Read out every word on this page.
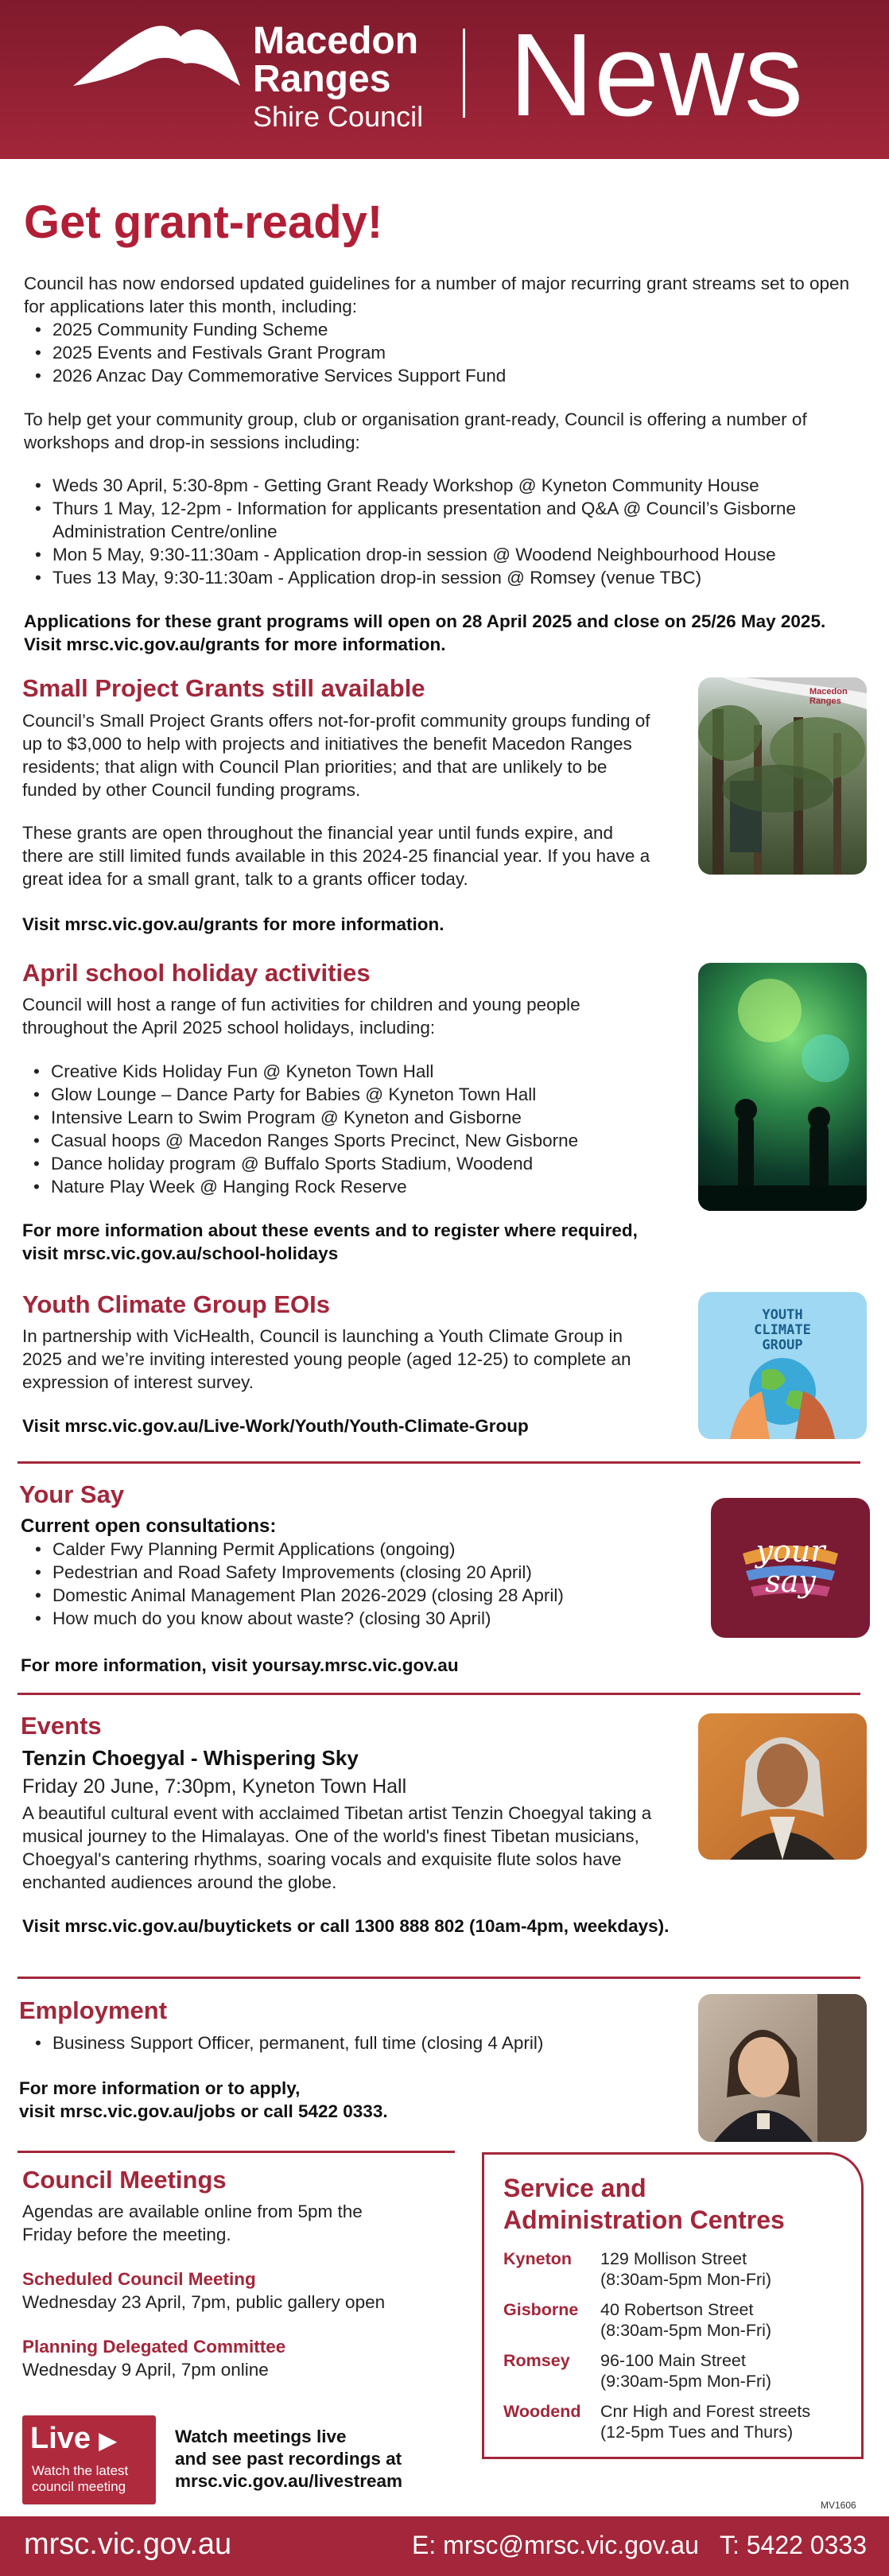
Macedon
Ranges
Shire Council News
Get grant-ready!
Council has now endorsed updated guidelines for a number of major recurring grant streams set to open for applications later this month, including:
• 2025 Community Funding Scheme
• 2025 Events and Festivals Grant Program
• 2026 Anzac Day Commemorative Services Support Fund
To help get your community group, club or organisation grant-ready, Council is offering a number of workshops and drop-in sessions including:
• Weds 30 April, 5:30-8pm - Getting Grant Ready Workshop @ Kyneton Community House
• Thurs 1 May, 12-2pm - Information for applicants presentation and Q&A @ Council’s Gisborne Administration Centre/online
• Mon 5 May, 9:30-11:30am - Application drop-in session @ Woodend Neighbourhood House
• Tues 13 May, 9:30-11:30am - Application drop-in session @ Romsey (venue TBC)
Applications for these grant programs will open on 28 April 2025 and close on 25/26 May 2025. Visit mrsc.vic.gov.au/grants for more information.
Small Project Grants still available
Council’s Small Project Grants offers not-for-profit community groups funding of up to $3,000 to help with projects and initiatives the benefit Macedon Ranges residents; that align with Council Plan priorities; and that are unlikely to be funded by other Council funding programs.
These grants are open throughout the financial year until funds expire, and there are still limited funds available in this 2024-25 financial year. If you have a great idea for a small grant, talk to a grants officer today.
Visit mrsc.vic.gov.au/grants for more information.
Macedon
Ranges
April school holiday activities
Council will host a range of fun activities for children and young people throughout the April 2025 school holidays, including:
• Creative Kids Holiday Fun @ Kyneton Town Hall
• Glow Lounge – Dance Party for Babies @ Kyneton Town Hall
• Intensive Learn to Swim Program @ Kyneton and Gisborne
• Casual hoops @ Macedon Ranges Sports Precinct, New Gisborne
• Dance holiday program @ Buffalo Sports Stadium, Woodend
• Nature Play Week @ Hanging Rock Reserve
For more information about these events and to register where required, visit mrsc.vic.gov.au/school-holidays
Youth Climate Group EOIs
In partnership with VicHealth, Council is launching a Youth Climate Group in 2025 and we’re inviting interested young people (aged 12-25) to complete an expression of interest survey.
Visit mrsc.vic.gov.au/Live-Work/Youth/Youth-Climate-Group
YOUTH
CLIMATE
GROUP
Your Say
Current open consultations:
• Calder Fwy Planning Permit Applications (ongoing)
• Pedestrian and Road Safety Improvements (closing 20 April)
• Domestic Animal Management Plan 2026-2029 (closing 28 April)
• How much do you know about waste? (closing 30 April)
For more information, visit yoursay.mrsc.vic.gov.au
your
say
Events
Tenzin Choegyal - Whispering Sky
Friday 20 June, 7:30pm, Kyneton Town Hall
A beautiful cultural event with acclaimed Tibetan artist Tenzin Choegyal taking a musical journey to the Himalayas. One of the world's finest Tibetan musicians, Choegyal's cantering rhythms, soaring vocals and exquisite flute solos have enchanted audiences around the globe.
Visit mrsc.vic.gov.au/buytickets or call 1300 888 802 (10am-4pm, weekdays).
Employment
• Business Support Officer, permanent, full time (closing 4 April)
For more information or to apply,
visit mrsc.vic.gov.au/jobs or call 5422 0333.
Council Meetings
Agendas are available online from 5pm the Friday before the meeting.
Scheduled Council Meeting
Wednesday 23 April, 7pm, public gallery open
Planning Delegated Committee
Wednesday 9 April, 7pm online
Live ▶
Watch the latest council meeting
Watch meetings live
and see past recordings at
mrsc.vic.gov.au/livestream
Service and
Administration Centres
Kyneton	129 Mollison Street
(8:30am-5pm Mon-Fri)
Gisborne	40 Robertson Street
(8:30am-5pm Mon-Fri)
Romsey	96-100 Main Street
(9:30am-5pm Mon-Fri)
Woodend	Cnr High and Forest streets
(12-5pm Tues and Thurs)
MV1606
mrsc.vic.gov.au	E: mrsc@mrsc.vic.gov.au   T: 5422 0333
